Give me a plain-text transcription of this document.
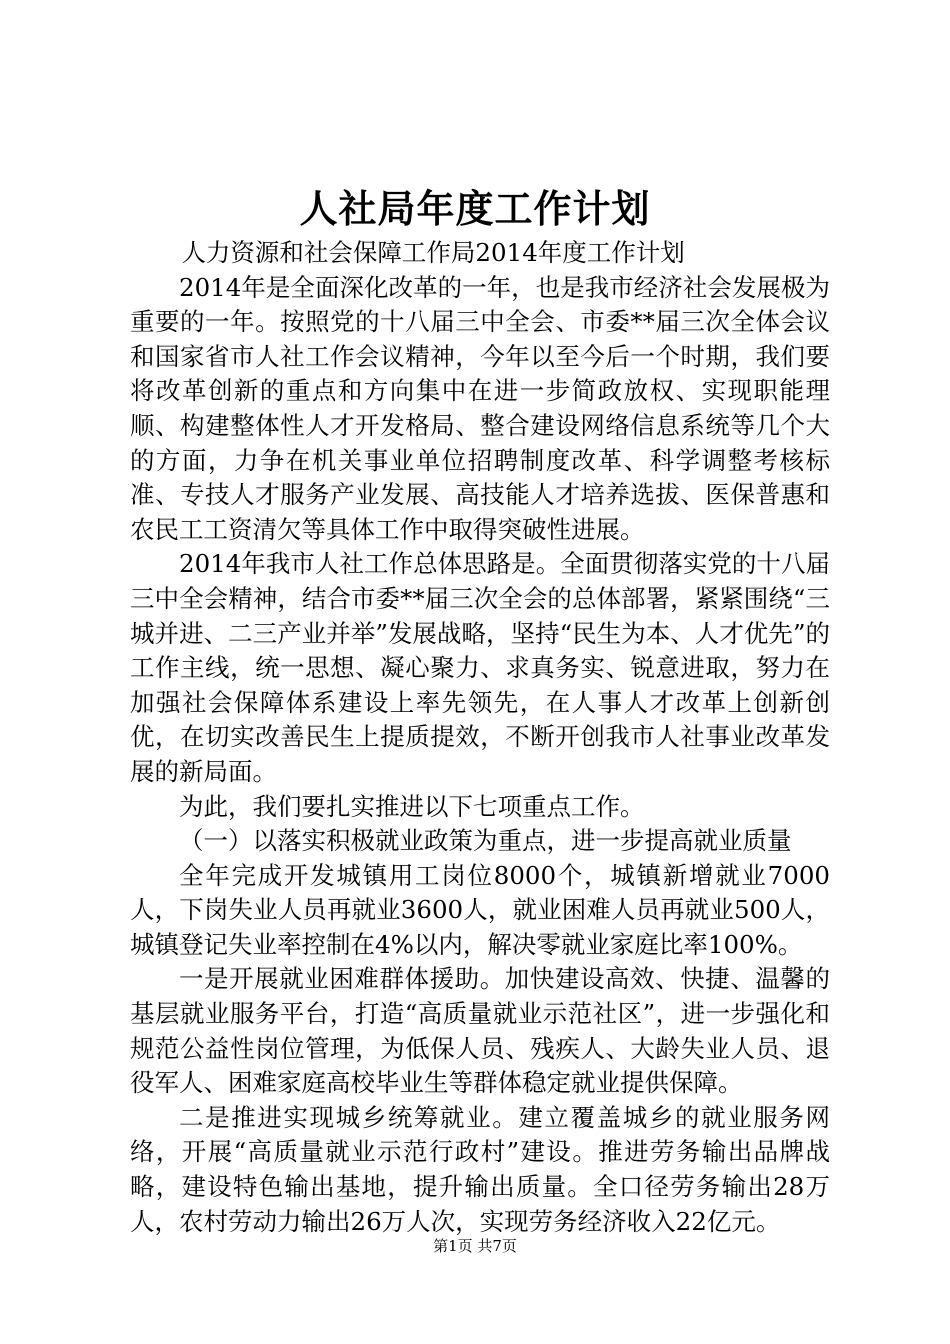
人社局年度工作计划

人力资源和社会保障工作局2014年度工作计划

2014年是全面深化改革的一年，也是我市经济社会发展极为重要的一年。按照党的十八届三中全会、市委**届三次全体会议和国家省市人社工作会议精神，今年以至今后一个时期，我们要将改革创新的重点和方向集中在进一步简政放权、实现职能理顺、构建整体性人才开发格局、整合建设网络信息系统等几个大的方面，力争在机关事业单位招聘制度改革、科学调整考核标准、专技人才服务产业发展、高技能人才培养选拔、医保普惠和农民工工资清欠等具体工作中取得突破性进展。

2014年我市人社工作总体思路是。全面贯彻落实党的十八届三中全会精神，结合市委**届三次全会的总体部署，紧紧围绕“三城并进、二三产业并举”发展战略，坚持“民生为本、人才优先”的工作主线，统一思想、凝心聚力、求真务实、锐意进取，努力在加强社会保障体系建设上率先领先，在人事人才改革上创新创优，在切实改善民生上提质提效，不断开创我市人社事业改革发展的新局面。

为此，我们要扎实推进以下七项重点工作。

（一）以落实积极就业政策为重点，进一步提高就业质量

全年完成开发城镇用工岗位8000个，城镇新增就业7000人，下岗失业人员再就业3600人，就业困难人员再就业500人，城镇登记失业率控制在4%以内，解决零就业家庭比率100%。

一是开展就业困难群体援助。加快建设高效、快捷、温馨的基层就业服务平台，打造“高质量就业示范社区”，进一步强化和规范公益性岗位管理，为低保人员、残疾人、大龄失业人员、退役军人、困难家庭高校毕业生等群体稳定就业提供保障。

二是推进实现城乡统筹就业。建立覆盖城乡的就业服务网络，开展“高质量就业示范行政村”建设。推进劳务输出品牌战略，建设特色输出基地，提升输出质量。全口径劳务输出28万人，农村劳动力输出26万人次，实现劳务经济收入22亿元。

第1页 共7页
